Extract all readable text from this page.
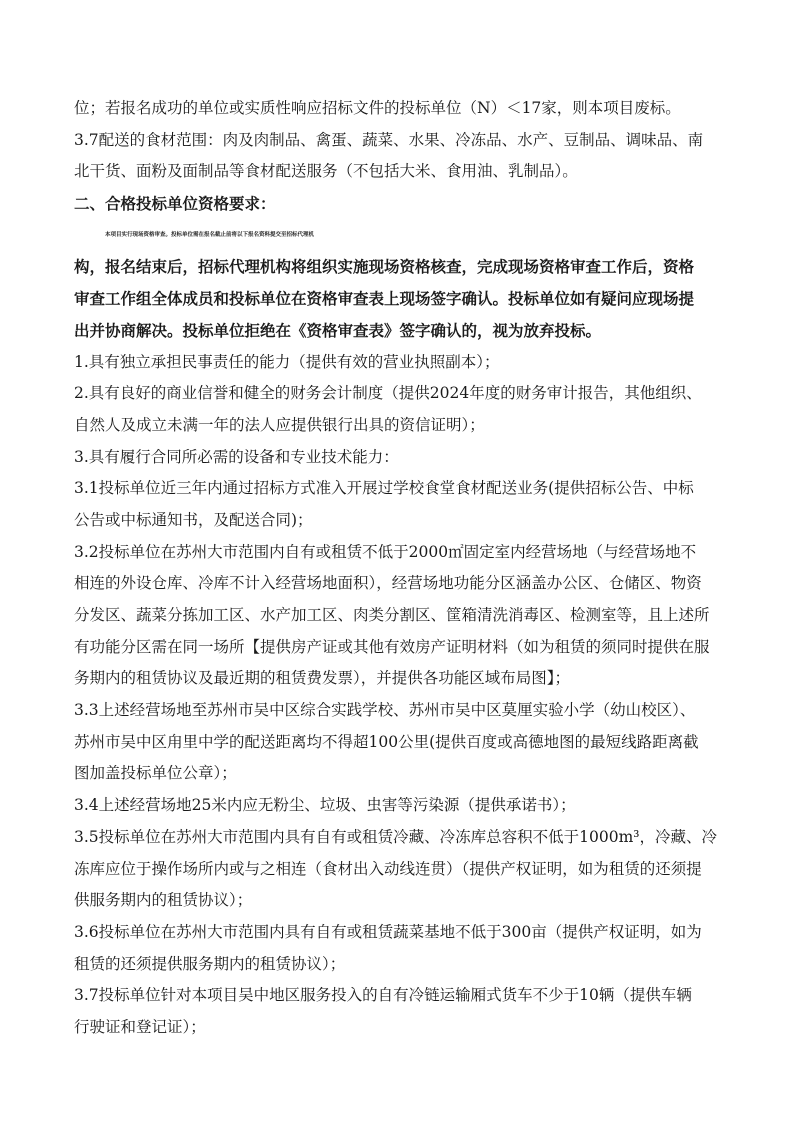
位；若报名成功的单位或实质性响应招标文件的投标单位（N）＜17家，则本项目废标。
3.7配送的食材范围：肉及肉制品、禽蛋、蔬菜、水果、冷冻品、水产、豆制品、调味品、南
北干货、面粉及面制品等食材配送服务（不包括大米、食用油、乳制品）。
二、合格投标单位资格要求：
本项目实行现场资格审查。投标单位需在报名截止前将以下报名资料提交至招标代理机
构，报名结束后，招标代理机构将组织实施现场资格核查，完成现场资格审查工作后，资格
审查工作组全体成员和投标单位在资格审查表上现场签字确认。投标单位如有疑问应现场提
出并协商解决。投标单位拒绝在《资格审查表》签字确认的，视为放弃投标。
1.具有独立承担民事责任的能力（提供有效的营业执照副本）；
2.具有良好的商业信誉和健全的财务会计制度（提供2024年度的财务审计报告，其他组织、
自然人及成立未满一年的法人应提供银行出具的资信证明）；
3.具有履行合同所必需的设备和专业技术能力：
3.1投标单位近三年内通过招标方式准入开展过学校食堂食材配送业务(提供招标公告、中标
公告或中标通知书，及配送合同)；
3.2投标单位在苏州大市范围内自有或租赁不低于2000㎡固定室内经营场地（与经营场地不
相连的外设仓库、冷库不计入经营场地面积），经营场地功能分区涵盖办公区、仓储区、物资
分发区、蔬菜分拣加工区、水产加工区、肉类分割区、筐箱清洗消毒区、检测室等，且上述所
有功能分区需在同一场所【提供房产证或其他有效房产证明材料（如为租赁的须同时提供在服
务期内的租赁协议及最近期的租赁费发票），并提供各功能区域布局图】；
3.3上述经营场地至苏州市吴中区综合实践学校、苏州市吴中区莫厘实验小学（幼山校区）、
苏州市吴中区甪里中学的配送距离均不得超100公里(提供百度或高德地图的最短线路距离截
图加盖投标单位公章）；
3.4上述经营场地25米内应无粉尘、垃圾、虫害等污染源（提供承诺书）；
3.5投标单位在苏州大市范围内具有自有或租赁冷藏、冷冻库总容积不低于1000m³，冷藏、冷
冻库应位于操作场所内或与之相连（食材出入动线连贯）（提供产权证明，如为租赁的还须提
供服务期内的租赁协议）；
3.6投标单位在苏州大市范围内具有自有或租赁蔬菜基地不低于300亩（提供产权证明，如为
租赁的还须提供服务期内的租赁协议）；
3.7投标单位针对本项目吴中地区服务投入的自有冷链运输厢式货车不少于10辆（提供车辆
行驶证和登记证）；
